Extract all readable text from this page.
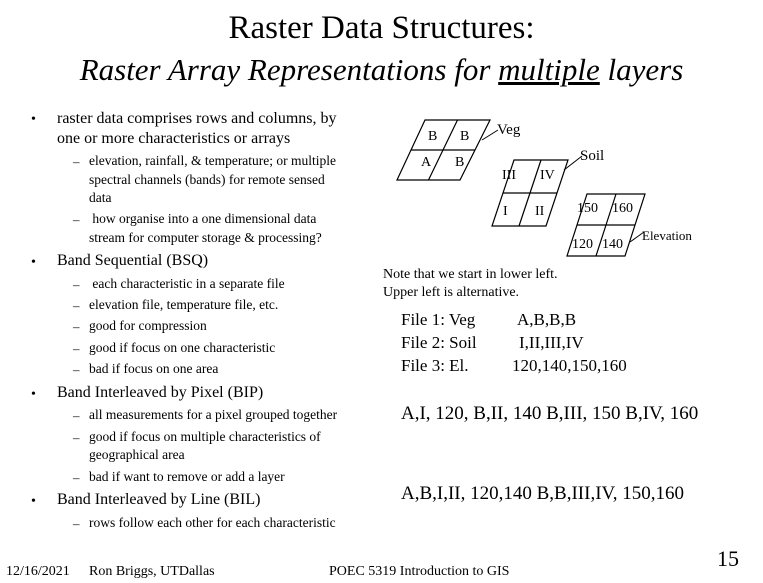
Raster Data Structures:
Raster Array Representations for multiple layers
• raster data comprises rows and columns, by
one or more characteristics or arrays
– elevation, rainfall, & temperature; or multiple
spectral channels (bands) for remote sensed
data
– how organise into a one dimensional data
stream for computer storage & processing?
• Band Sequential (BSQ)
– each characteristic in a separate file
– elevation file, temperature file, etc.
– good for compression
– good if focus on one characteristic
– bad if focus on one area
• Band Interleaved by Pixel (BIP)
– all measurements for a pixel grouped together
– good if focus on multiple characteristics of
geographical area
– bad if want to remove or add a layer
• Band Interleaved by Line (BIL)
– rows follow each other for each characteristic
B B
A B
Veg
III IV
I II
Soil
150 160
120 140
Elevation
Note that we start in lower left.
Upper left is alternative.
File 1: Veg A,B,B,B
File 2: Soil I,II,III,IV
File 3: El.	120,140,150,160
A,I, 120, B,II, 140 B,III, 150 B,IV, 160
A,B,I,II, 120,140 B,B,III,IV, 150,160
12/16/2021 Ron Briggs, UTDallas	POEC 5319 Introduction to GIS
15
